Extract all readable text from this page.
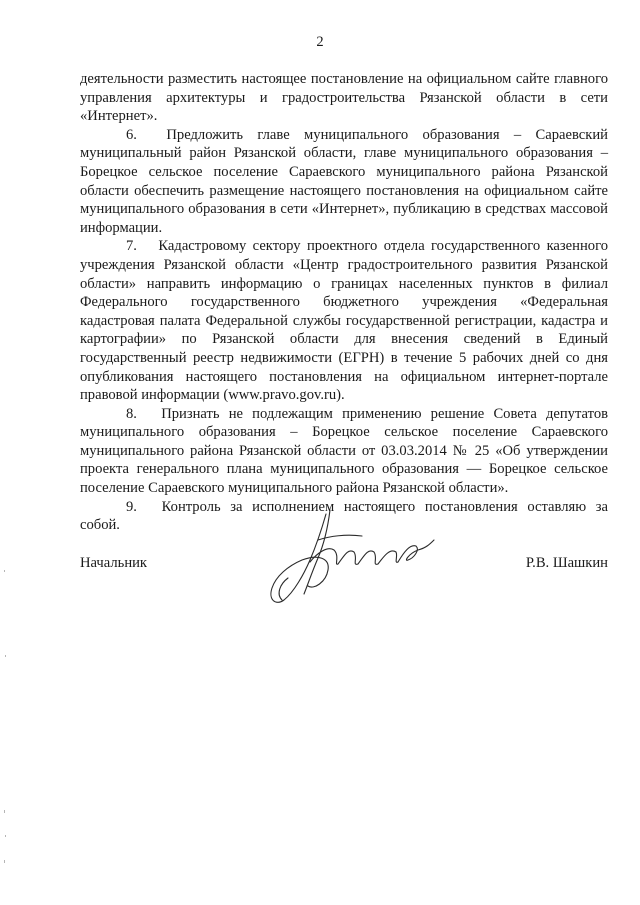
2

деятельности разместить настоящее постановление на официальном сайте главного управления архитектуры и градостроительства Рязанской области в сети «Интернет».

6. Предложить главе муниципального образования – Сараевский муниципальный район Рязанской области, главе муниципального образования – Борецкое сельское поселение Сараевского муниципального района Рязанской области обеспечить размещение настоящего постановления на официальном сайте муниципального образования в сети «Интернет», публикацию в средствах массовой информации.

7. Кадастровому сектору проектного отдела государственного казенного учреждения Рязанской области «Центр градостроительного развития Рязанской области» направить информацию о границах населенных пунктов в филиал Федерального государственного бюджетного учреждения «Федеральная кадастровая палата Федеральной службы государственной регистрации, кадастра и картографии» по Рязанской области для внесения сведений в Единый государственный реестр недвижимости (ЕГРН) в течение 5 рабочих дней со дня опубликования настоящего постановления на официальном интернет-портале правовой информации (www.pravo.gov.ru).

8. Признать не подлежащим применению решение Совета депутатов муниципального образования – Борецкое сельское поселение Сараевского муниципального района Рязанской области от 03.03.2014 № 25 «Об утверждении проекта генерального плана муниципального образования — Борецкое сельское поселение Сараевского муниципального района Рязанской области».

9. Контроль за исполнением настоящего постановления оставляю за собой.

Начальник	Р.В. Шашкин
